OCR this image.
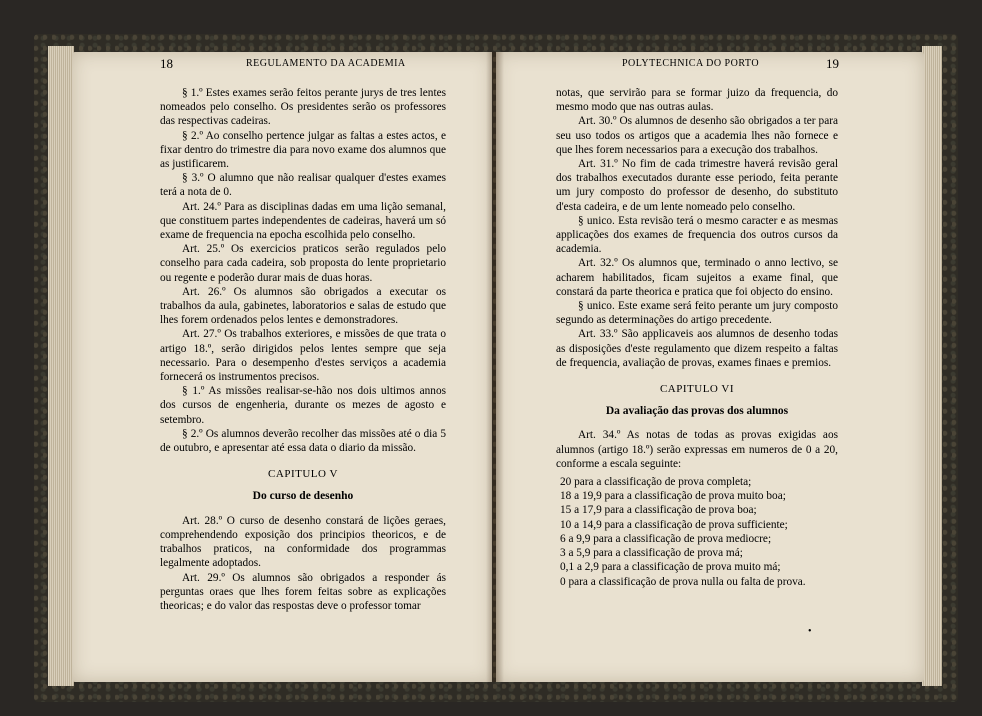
18	REGULAMENTO DA ACADEMIA	POLYTECHNICA DO PORTO	19

§ 1.º Estes exames serão feitos perante jurys de tres lentes nomeados pelo conselho. Os presidentes serão os professores das respectivas cadeiras.

§ 2.º Ao conselho pertence julgar as faltas a estes actos, e fixar dentro do trimestre dia para novo exame dos alumnos que as justificarem.

§ 3.º O alumno que não realisar qualquer d'estes exames terá a nota de 0.

Art. 24.º Para as disciplinas dadas em uma lição semanal, que constituem partes independentes de cadeiras, haverá um só exame de frequencia na epocha escolhida pelo conselho.

Art. 25.º Os exercicios praticos serão regulados pelo conselho para cada cadeira, sob proposta do lente proprietario ou regente e poderão durar mais de duas horas.

Art. 26.º Os alumnos são obrigados a executar os trabalhos da aula, gabinetes, laboratorios e salas de estudo que lhes forem ordenados pelos lentes e demonstradores.

Art. 27.º Os trabalhos exteriores, e missões de que trata o artigo 18.º, serão dirigidos pelos lentes sempre que seja necessario. Para o desempenho d'estes serviços a academia fornecerá os instrumentos precisos.

§ 1.º As missões realisar-se-hão nos dois ultimos annos dos cursos de engenheria, durante os mezes de agosto e setembro.

§ 2.º Os alumnos deverão recolher das missões até o dia 5 de outubro, e apresentar até essa data o diario da missão.

CAPITULO V
Do curso de desenho

Art. 28.º O curso de desenho constará de lições geraes, comprehendendo exposição dos principios theoricos, e de trabalhos praticos, na conformidade dos programmas legalmente adoptados.

Art. 29.º Os alumnos são obrigados a responder ás perguntas oraes que lhes forem feitas sobre as explicações theoricas; e do valor das respostas deve o professor tomar

notas, que servirão para se formar juizo da frequencia, do mesmo modo que nas outras aulas.

Art. 30.º Os alumnos de desenho são obrigados a ter para seu uso todos os artigos que a academia lhes não fornece e que lhes forem necessarios para a execução dos trabalhos.

Art. 31.º No fim de cada trimestre haverá revisão geral dos trabalhos executados durante esse periodo, feita perante um jury composto do professor de desenho, do substituto d'esta cadeira, e de um lente nomeado pelo conselho.

§ unico. Esta revisão terá o mesmo caracter e as mesmas applicações dos exames de frequencia dos outros cursos da academia.

Art. 32.º Os alumnos que, terminado o anno lectivo, se acharem habilitados, ficam sujeitos a exame final, que constará da parte theorica e pratica que foi objecto do ensino.

§ unico. Este exame será feito perante um jury composto segundo as determinações do artigo precedente.

Art. 33.º São applicaveis aos alumnos de desenho todas as disposições d'este regulamento que dizem respeito a faltas de frequencia, avaliação de provas, exames finaes e premios.

CAPITULO VI
Da avaliação das provas dos alumnos

Art. 34.º As notas de todas as provas exigidas aos alumnos (artigo 18.º) serão expressas em numeros de 0 a 20, conforme a escala seguinte:

20 para a classificação de prova completa;

18 a 19,9 para a classificação de prova muito boa;

15 a 17,9 para a classificação de prova boa;

10 a 14,9 para a classificação de prova sufficiente;

6 a 9,9 para a classificação de prova mediocre;

3 a 5,9 para a classificação de prova má;

0,1 a 2,9 para a classificação de prova muito má;

0 para a classificação de prova nulla ou falta de prova.

•
